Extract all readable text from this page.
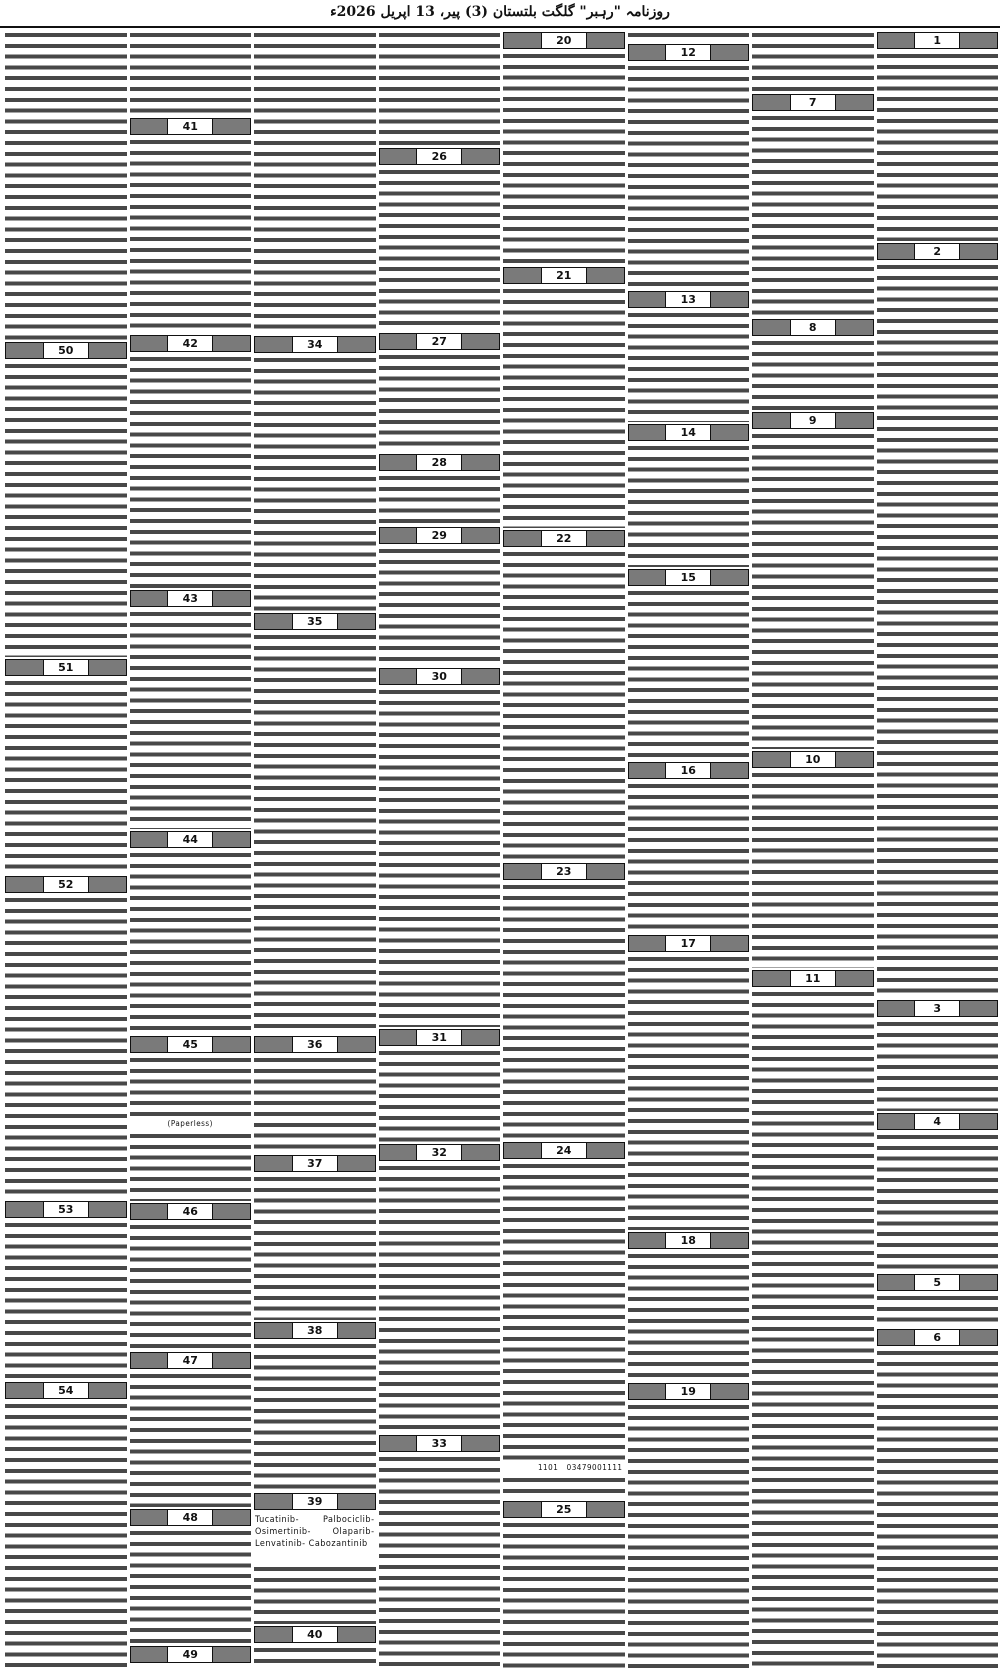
روزنامہ "رہبر" گلگت بلتستان (3) پیر، 13 اپریل 2026ء
1
2
3
4
5
6
7
8
9
10
11
12
13
14
15
16
17
18
19
20
21
22
23
24
1101 03479001111
25
26
27
28
29
30
31
32
33
34
35
36
37
38
39
Tucatinib- Palbociclib- Osimertinib- Olaparib- Lenvatinib- Cabozantinib
40
41
42
43
44
45
(Paperless)
46
47
48
49
50
51
52
53
54
